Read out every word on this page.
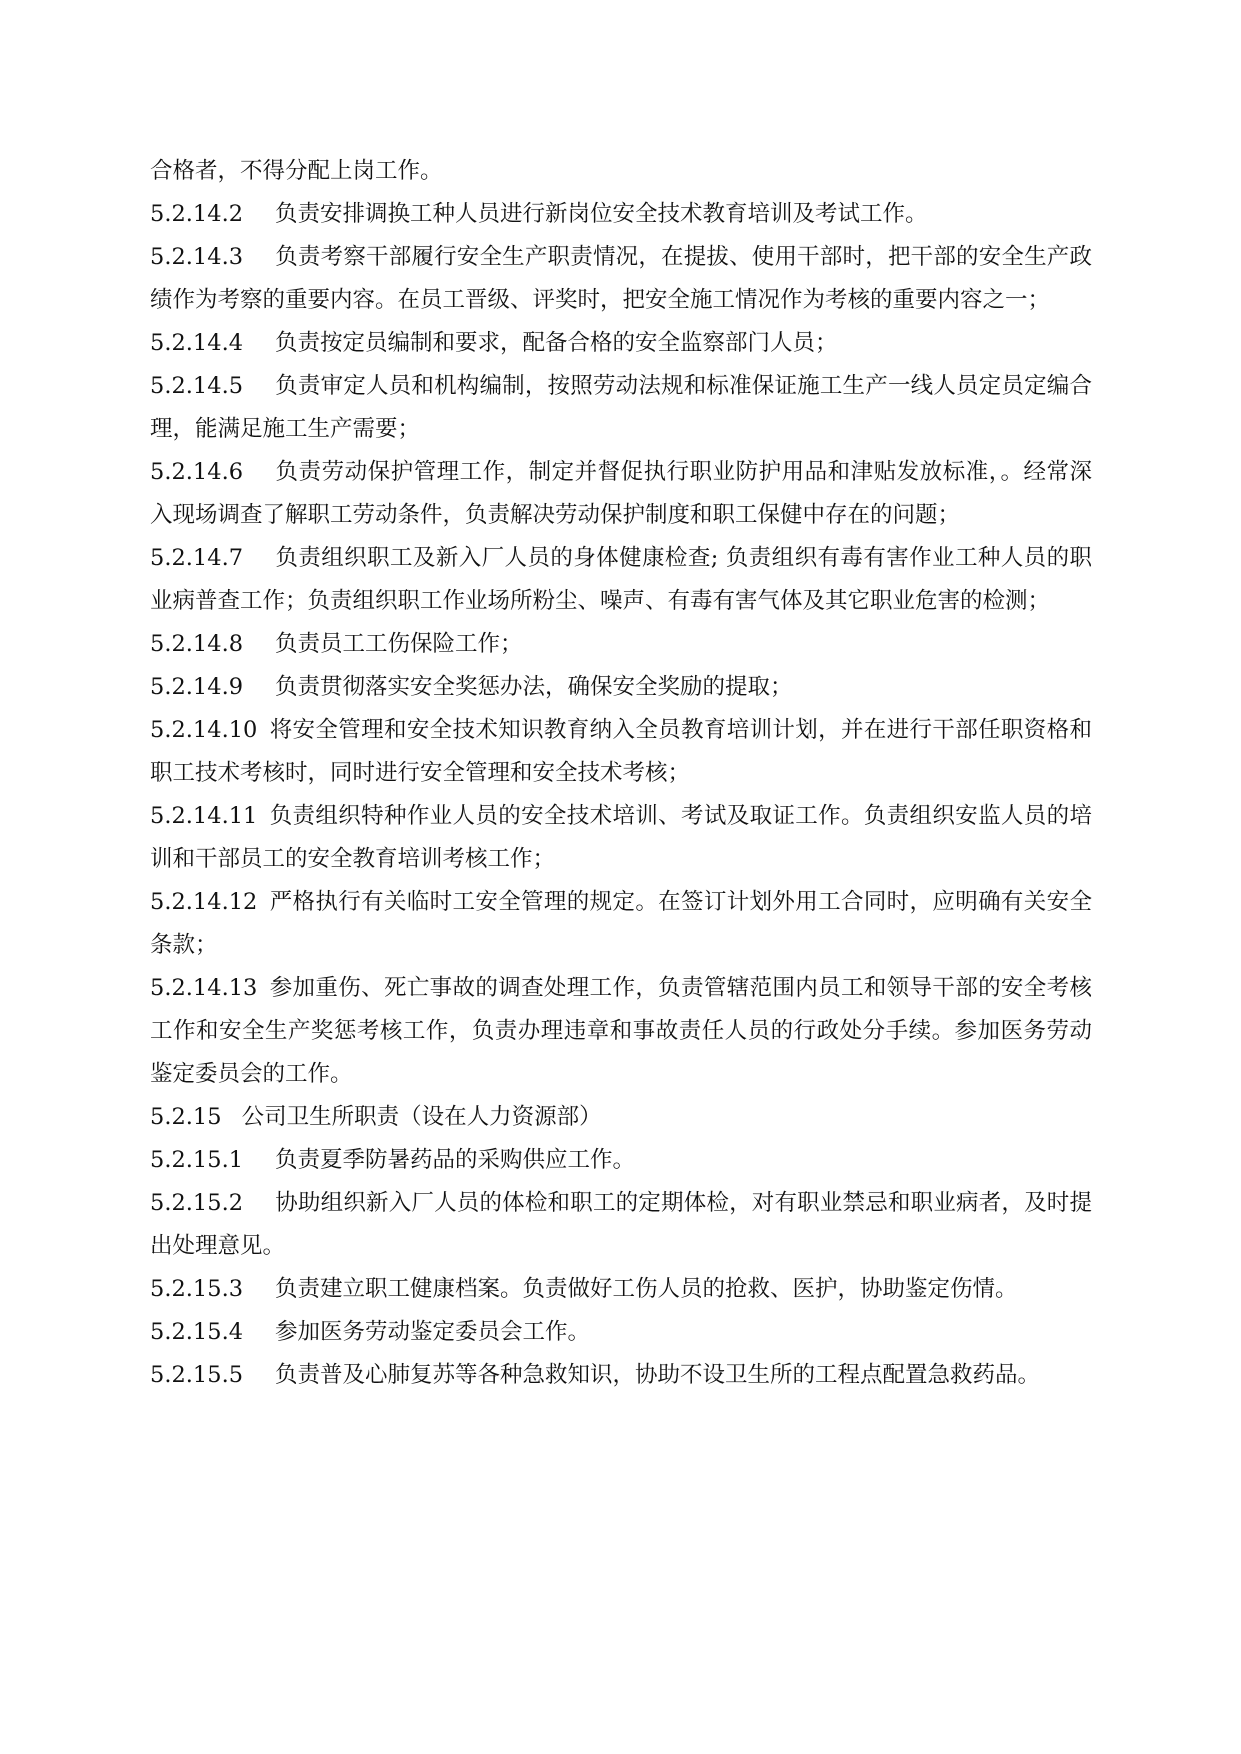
合格者，不得分配上岗工作。

5.2.14.2 负责安排调换工种人员进行新岗位安全技术教育培训及考试工作。

5.2.14.3 负责考察干部履行安全生产职责情况，在提拔、使用干部时，把干部的安全生产政绩作为考察的重要内容。在员工晋级、评奖时，把安全施工情况作为考核的重要内容之一；

5.2.14.4 负责按定员编制和要求，配备合格的安全监察部门人员；

5.2.14.5 负责审定人员和机构编制，按照劳动法规和标准保证施工生产一线人员定员定编合理，能满足施工生产需要；

5.2.14.6 负责劳动保护管理工作，制定并督促执行职业防护用品和津贴发放标准，。经常深入现场调查了解职工劳动条件，负责解决劳动保护制度和职工保健中存在的问题；

5.2.14.7 负责组织职工及新入厂人员的身体健康检查; 负责组织有毒有害作业工种人员的职业病普查工作；负责组织职工作业场所粉尘、噪声、有毒有害气体及其它职业危害的检测；

5.2.14.8 负责员工工伤保险工作；

5.2.14.9 负责贯彻落实安全奖惩办法，确保安全奖励的提取；

5.2.14.10 将安全管理和安全技术知识教育纳入全员教育培训计划，并在进行干部任职资格和职工技术考核时，同时进行安全管理和安全技术考核；

5.2.14.11 负责组织特种作业人员的安全技术培训、考试及取证工作。负责组织安监人员的培训和干部员工的安全教育培训考核工作；

5.2.14.12 严格执行有关临时工安全管理的规定。在签订计划外用工合同时，应明确有关安全条款；

5.2.14.13 参加重伤、死亡事故的调查处理工作，负责管辖范围内员工和领导干部的安全考核工作和安全生产奖惩考核工作，负责办理违章和事故责任人员的行政处分手续。参加医务劳动鉴定委员会的工作。

5.2.15 公司卫生所职责（设在人力资源部）

5.2.15.1 负责夏季防暑药品的采购供应工作。

5.2.15.2 协助组织新入厂人员的体检和职工的定期体检，对有职业禁忌和职业病者，及时提出处理意见。

5.2.15.3 负责建立职工健康档案。负责做好工伤人员的抢救、医护，协助鉴定伤情。

5.2.15.4 参加医务劳动鉴定委员会工作。

5.2.15.5 负责普及心肺复苏等各种急救知识，协助不设卫生所的工程点配置急救药品。
